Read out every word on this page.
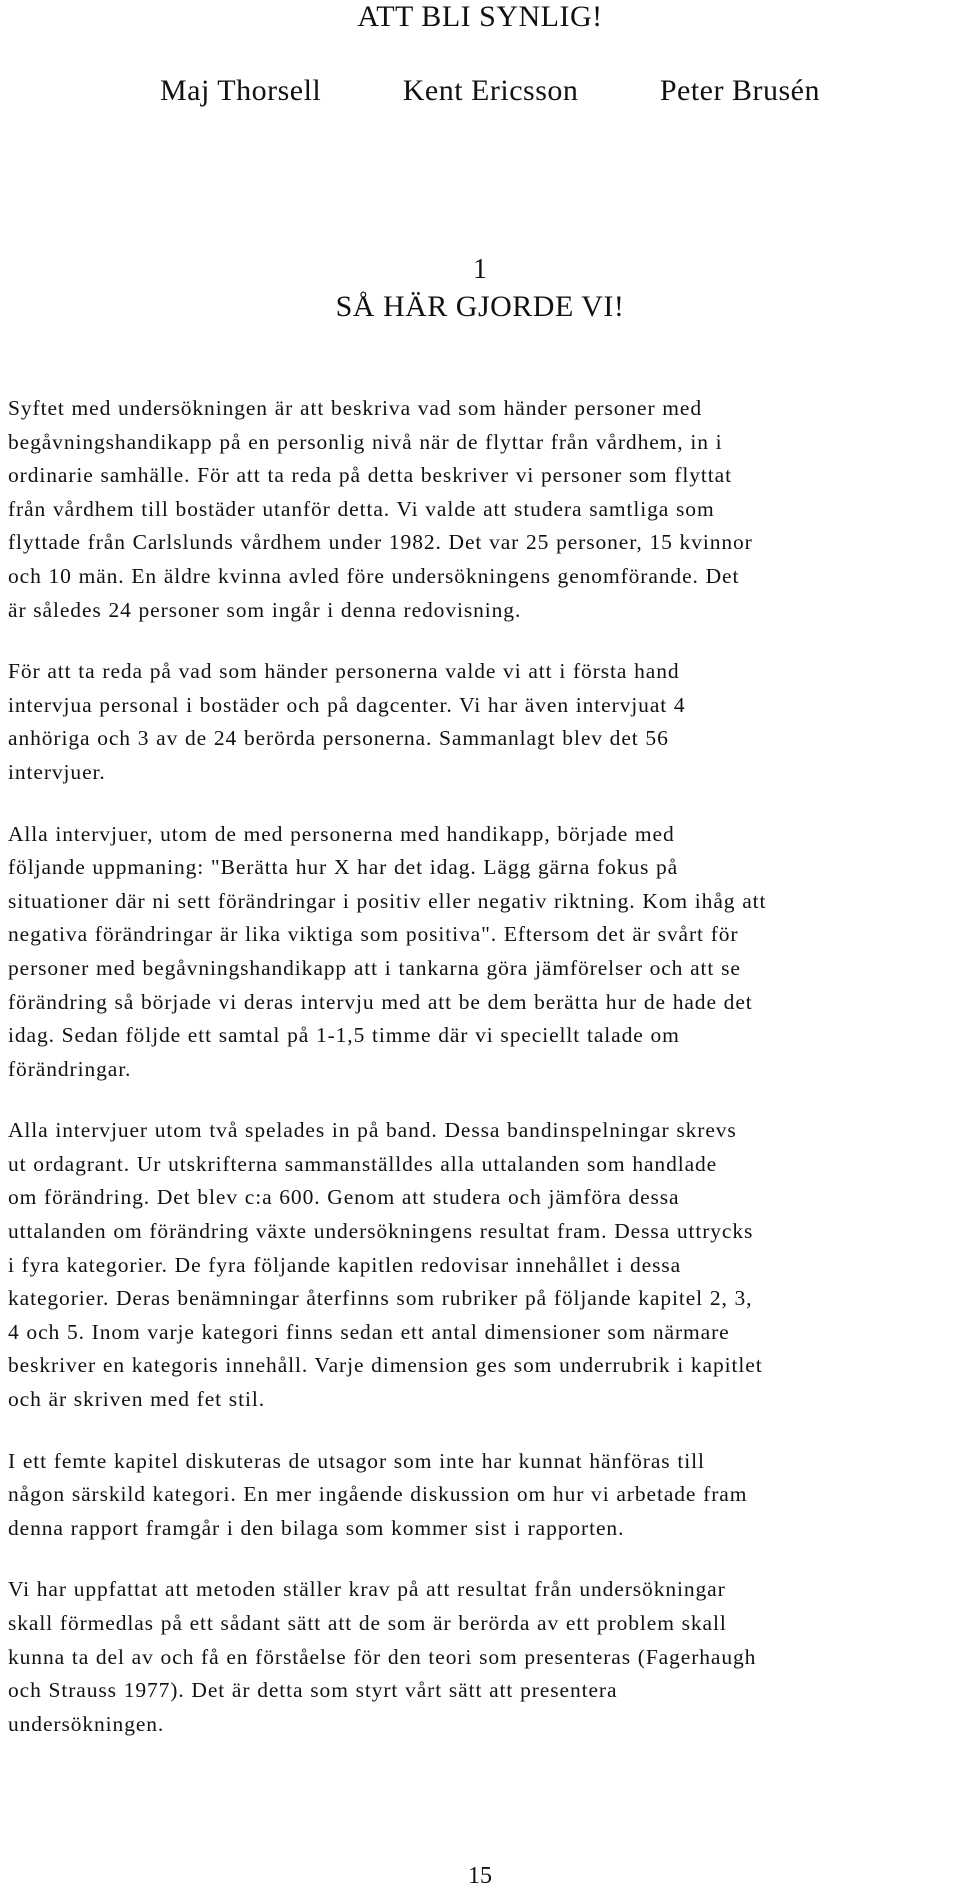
ATT BLI SYNLIG!
Maj Thorsell	Kent Ericsson	Peter Brusén
1
SÅ HÄR GJORDE VI!

Syftet med undersökningen är att beskriva vad som händer personer med
begåvningshandikapp på en personlig nivå när de flyttar från vårdhem, in i
ordinarie samhälle. För att ta reda på detta beskriver vi personer som flyttat
från vårdhem till bostäder utanför detta. Vi valde att studera samtliga som
flyttade från Carlslunds vårdhem under 1982. Det var 25 personer, 15 kvinnor
och 10 män. En äldre kvinna avled före undersökningens genomförande. Det
är således 24 personer som ingår i denna redovisning.

För att ta reda på vad som händer personerna valde vi att i första hand
intervjua personal i bostäder och på dagcenter. Vi har även intervjuat 4
anhöriga och 3 av de 24 berörda personerna. Sammanlagt blev det 56
intervjuer.

Alla intervjuer, utom de med personerna med handikapp, började med
följande uppmaning: "Berätta hur X har det idag. Lägg gärna fokus på
situationer där ni sett förändringar i positiv eller negativ riktning. Kom ihåg att
negativa förändringar är lika viktiga som positiva". Eftersom det är svårt för
personer med begåvningshandikapp att i tankarna göra jämförelser och att se
förändring så började vi deras intervju med att be dem berätta hur de hade det
idag. Sedan följde ett samtal på 1-1,5 timme där vi speciellt talade om
förändringar.

Alla intervjuer utom två spelades in på band. Dessa bandinspelningar skrevs
ut ordagrant. Ur utskrifterna sammanställdes alla uttalanden som handlade
om förändring. Det blev c:a 600. Genom att studera och jämföra dessa
uttalanden om förändring växte undersökningens resultat fram. Dessa uttrycks
i fyra kategorier. De fyra följande kapitlen redovisar innehållet i dessa
kategorier. Deras benämningar återfinns som rubriker på följande kapitel 2, 3,
4 och 5. Inom varje kategori finns sedan ett antal dimensioner som närmare
beskriver en kategoris innehåll. Varje dimension ges som underrubrik i kapitlet
och är skriven med fet stil.

I ett femte kapitel diskuteras de utsagor som inte har kunnat hänföras till
någon särskild kategori. En mer ingående diskussion om hur vi arbetade fram
denna rapport framgår i den bilaga som kommer sist i rapporten.

Vi har uppfattat att metoden ställer krav på att resultat från undersökningar
skall förmedlas på ett sådant sätt att de som är berörda av ett problem skall
kunna ta del av och få en förståelse för den teori som presenteras (Fagerhaugh
och Strauss 1977). Det är detta som styrt vårt sätt att presentera
undersökningen.

15
